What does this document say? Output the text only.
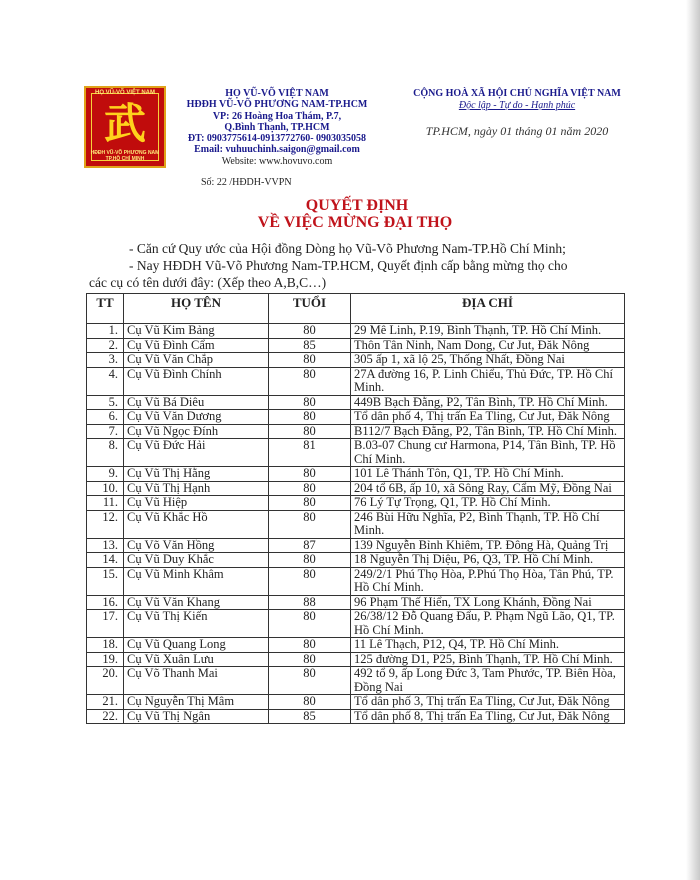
HỌ VŨ-VÕ VIỆT NAM
武
HĐĐH VŨ-VÕ PHƯƠNG NAM
TP.HỒ CHÍ MINH
HỌ VŨ-VÕ VIỆT NAM
HĐĐH VŨ-VÕ PHƯƠNG NAM-TP.HCM
VP: 26 Hoàng Hoa Thám, P.7,
Q.Bình Thạnh, TP.HCM
ĐT: 0903775614-0913772760- 0903035058
Email: vuhuuchinh.saigon@gmail.com
Website: www.hovuvo.com
CỘNG HOÀ XÃ HỘI CHỦ NGHĨA VIỆT NAM
Độc lập - Tự do - Hạnh phúc
TP.HCM, ngày 01 tháng 01 năm 2020
Số: 22 /HĐDH-VVPN
QUYẾT ĐỊNH
VỀ VIỆC MỪNG ĐẠI THỌ
- Căn cứ Quy ước của Hội đồng Dòng họ Vũ-Võ Phương Nam-TP.Hồ Chí Minh;
- Nay HĐDH Vũ-Võ Phương Nam-TP.HCM, Quyết định cấp bằng mừng thọ cho
các cụ có tên dưới đây: (Xếp theo A,B,C…)
TT	HỌ TÊN	TUỔI	ĐỊA CHỈ
1.	Cụ Vũ Kim Bảng	80	29 Mê Linh, P.19, Bình Thạnh, TP. Hồ Chí Minh.
2.	Cụ Vũ Đình Cẩm	85	Thôn Tân Ninh, Nam Dong, Cư Jut, Đăk Nông
3.	Cụ Vũ Văn Chắp	80	305 ấp 1, xã lộ 25, Thống Nhất, Đồng Nai
4.	Cụ Vũ Đình Chính	80	27A đường 16, P. Linh Chiểu, Thủ Đức, TP. Hồ Chí Minh.
5.	Cụ Vũ Bá Diêu	80	449B Bạch Đằng, P2, Tân Bình, TP. Hồ Chí Minh.
6.	Cụ Vũ Văn Dương	80	Tổ dân phố 4, Thị trấn Ea Tling, Cư Jut, Đăk Nông
7.	Cụ Vũ Ngọc Đính	80	B112/7 Bạch Đằng, P2, Tân Bình, TP. Hồ Chí Minh.
8.	Cụ Vũ Đức Hải	81	B.03-07 Chung cư Harmona, P14, Tân Bình, TP. Hồ Chí Minh.
9.	Cụ Vũ Thị Hằng	80	101 Lê Thánh Tôn, Q1, TP. Hồ Chí Minh.
10.	Cụ Vũ Thị Hạnh	80	204 tổ 6B, ấp 10, xã Sông Ray, Cẩm Mỹ, Đồng Nai
11.	Cụ Vũ Hiệp	80	76 Lý Tự Trọng, Q1, TP. Hồ Chí Minh.
12.	Cụ Vũ Khắc Hồ	80	246 Bùi Hữu Nghĩa, P2, Bình Thạnh, TP. Hồ Chí Minh.
13.	Cụ Võ Văn Hồng	87	139 Nguyễn Bỉnh Khiêm, TP. Đông Hà, Quảng Trị
14.	Cụ Vũ Duy Khắc	80	18 Nguyễn Thị Diệu, P6, Q3, TP. Hồ Chí Minh.
15.	Cụ Vũ Minh Khâm	80	249/2/1 Phú Thọ Hòa, P.Phú Thọ Hòa, Tân Phú, TP. Hồ Chí Minh.
16.	Cụ Vũ Văn Khang	88	96 Phạm Thế Hiển, TX Long Khánh, Đồng Nai
17.	Cụ Vũ Thị Kiến	80	26/38/12 Đỗ Quang Đẩu, P. Phạm Ngũ Lão, Q1, TP. Hồ Chí Minh.
18.	Cụ Vũ Quang Long	80	11 Lê Thạch, P12, Q4, TP. Hồ Chí Minh.
19.	Cụ Vũ Xuân Lưu	80	125 đường D1, P25, Bình Thạnh, TP. Hồ Chí Minh.
20.	Cụ Võ Thanh Mai	80	492 tổ 9, ấp Long Đức 3, Tam Phước, TP. Biên Hòa, Đồng Nai
21.	Cụ Nguyễn Thị Mâm	80	Tổ dân phố 3, Thị trấn Ea Tling, Cư Jut, Đăk Nông
22.	Cụ Vũ Thị Ngân	85	Tổ dân phố 8, Thị trấn Ea Tling, Cư Jut, Đăk Nông
